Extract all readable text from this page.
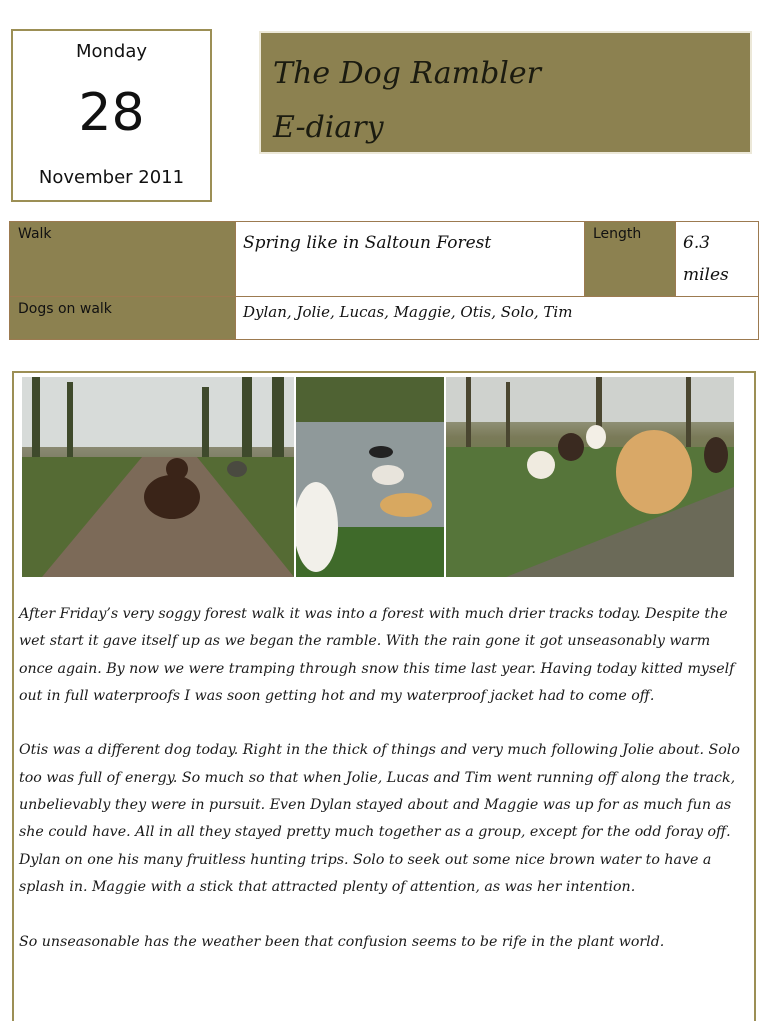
Monday
28
November 2011
The Dog Rambler
E-diary
Walk	Spring like in Saltoun Forest	Length	6.3
miles

Dogs on walk	Dylan, Jolie, Lucas, Maggie, Otis, Solo, Tim		

After Friday’s very soggy forest walk it was into a forest with much drier tracks today. Despite the wet start it gave itself up as we began the ramble. With the rain gone it got unseasonably warm once again. By now we were tramping through snow this time last year. Having today kitted myself out in full waterproofs I was soon getting hot and my waterproof jacket had to come off.

Otis was a different dog today. Right in the thick of things and very much following Jolie about. Solo too was full of energy. So much so that when Jolie, Lucas and Tim went running off along the track, unbelievably they were in pursuit. Even Dylan stayed about and Maggie was up for as much fun as she could have. All in all they stayed pretty much together as a group, except for the odd foray off. Dylan on one his many fruitless hunting trips. Solo to seek out some nice brown water to have a splash in. Maggie with a stick that attracted plenty of attention, as was her intention.

So unseasonable has the weather been that confusion seems to be rife in the plant world.
